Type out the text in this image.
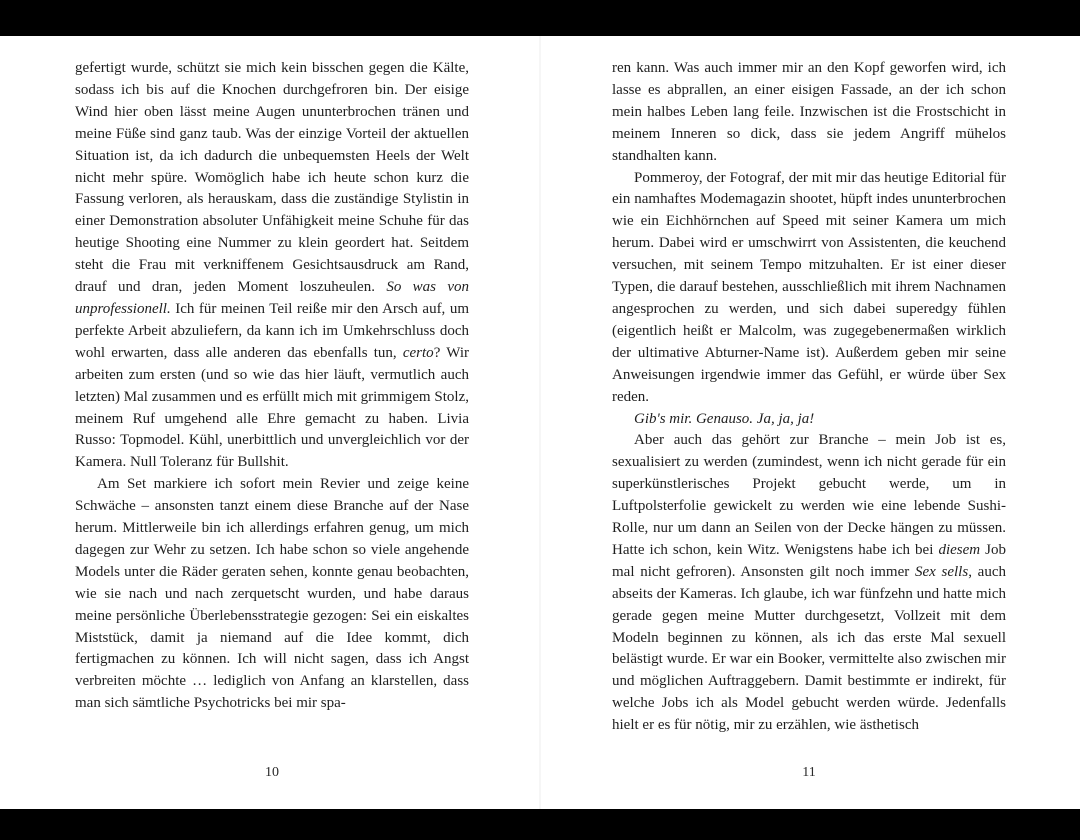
gefertigt wurde, schützt sie mich kein bisschen gegen die Kälte, sodass ich bis auf die Knochen durchgefroren bin. Der eisige Wind hier oben lässt meine Augen ununterbrochen tränen und meine Füße sind ganz taub. Was der einzige Vorteil der aktuellen Situation ist, da ich dadurch die unbequemsten Heels der Welt nicht mehr spüre. Womöglich habe ich heute schon kurz die Fassung verloren, als herauskam, dass die zuständige Stylistin in einer Demonstration absoluter Unfähigkeit meine Schuhe für das heutige Shooting eine Nummer zu klein geordert hat. Seitdem steht die Frau mit verkniffenem Gesichtsausdruck am Rand, drauf und dran, jeden Moment loszuheulen. So was von unprofessionell. Ich für meinen Teil reiße mir den Arsch auf, um perfekte Arbeit abzuliefern, da kann ich im Umkehrschluss doch wohl erwarten, dass alle anderen das ebenfalls tun, certo? Wir arbeiten zum ersten (und so wie das hier läuft, vermutlich auch letzten) Mal zusammen und es erfüllt mich mit grimmigem Stolz, meinem Ruf umgehend alle Ehre gemacht zu haben. Livia Russo: Topmodel. Kühl, unerbittlich und unvergleichlich vor der Kamera. Null Toleranz für Bullshit.

Am Set markiere ich sofort mein Revier und zeige keine Schwäche – ansonsten tanzt einem diese Branche auf der Nase herum. Mittlerweile bin ich allerdings erfahren genug, um mich dagegen zur Wehr zu setzen. Ich habe schon so viele angehende Models unter die Räder geraten sehen, konnte genau beobachten, wie sie nach und nach zerquetscht wurden, und habe daraus meine persönliche Überlebensstrategie gezogen: Sei ein eiskaltes Miststück, damit ja niemand auf die Idee kommt, dich fertigmachen zu können. Ich will nicht sagen, dass ich Angst verbreiten möchte … lediglich von Anfang an klarstellen, dass man sich sämtliche Psychotricks bei mir spa-

10

ren kann. Was auch immer mir an den Kopf geworfen wird, ich lasse es abprallen, an einer eisigen Fassade, an der ich schon mein halbes Leben lang feile. Inzwischen ist die Frostschicht in meinem Inneren so dick, dass sie jedem Angriff mühelos standhalten kann.

Pommeroy, der Fotograf, der mit mir das heutige Editorial für ein namhaftes Modemagazin shootet, hüpft indes ununterbrochen wie ein Eichhörnchen auf Speed mit seiner Kamera um mich herum. Dabei wird er umschwirrt von Assistenten, die keuchend versuchen, mit seinem Tempo mitzuhalten. Er ist einer dieser Typen, die darauf bestehen, ausschließlich mit ihrem Nachnamen angesprochen zu werden, und sich dabei superedgy fühlen (eigentlich heißt er Malcolm, was zugegebenermaßen wirklich der ultimative Abturner-Name ist). Außerdem geben mir seine Anweisungen irgendwie immer das Gefühl, er würde über Sex reden.

Gib's mir. Genauso. Ja, ja, ja!

Aber auch das gehört zur Branche – mein Job ist es, sexualisiert zu werden (zumindest, wenn ich nicht gerade für ein superkünstlerisches Projekt gebucht werde, um in Luftpolsterfolie gewickelt zu werden wie eine lebende Sushi-Rolle, nur um dann an Seilen von der Decke hängen zu müssen. Hatte ich schon, kein Witz. Wenigstens habe ich bei diesem Job mal nicht gefroren). Ansonsten gilt noch immer Sex sells, auch abseits der Kameras. Ich glaube, ich war fünfzehn und hatte mich gerade gegen meine Mutter durchgesetzt, Vollzeit mit dem Modeln beginnen zu können, als ich das erste Mal sexuell belästigt wurde. Er war ein Booker, vermittelte also zwischen mir und möglichen Auftraggebern. Damit bestimmte er indirekt, für welche Jobs ich als Model gebucht werden würde. Jedenfalls hielt er es für nötig, mir zu erzählen, wie ästhetisch

11
